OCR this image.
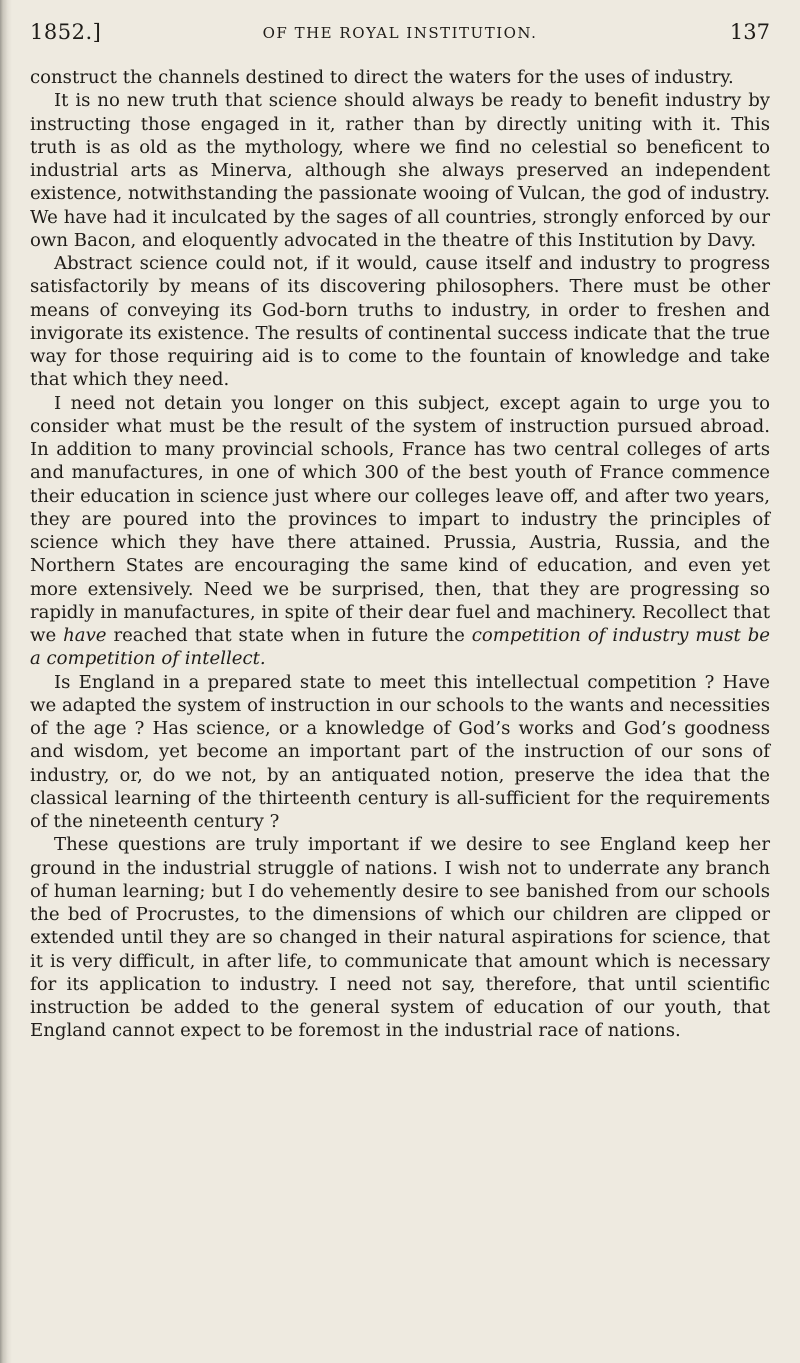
1852.]	OF THE ROYAL INSTITUTION.	137

construct the channels destined to direct the waters for the uses of industry.

It is no new truth that science should always be ready to benefit industry by instructing those engaged in it, rather than by directly uniting with it. This truth is as old as the mythology, where we find no celestial so beneficent to industrial arts as Minerva, although she always preserved an independent existence, notwithstanding the passionate wooing of Vulcan, the god of industry. We have had it inculcated by the sages of all countries, strongly enforced by our own Bacon, and eloquently advocated in the theatre of this Institution by Davy.

Abstract science could not, if it would, cause itself and industry to progress satisfactorily by means of its discovering philosophers. There must be other means of conveying its God-born truths to industry, in order to freshen and invigorate its existence. The results of continental success indicate that the true way for those requiring aid is to come to the fountain of knowledge and take that which they need.

I need not detain you longer on this subject, except again to urge you to consider what must be the result of the system of instruction pursued abroad. In addition to many provincial schools, France has two central colleges of arts and manufactures, in one of which 300 of the best youth of France commence their education in science just where our colleges leave off, and after two years, they are poured into the provinces to impart to industry the principles of science which they have there attained. Prussia, Austria, Russia, and the Northern States are encouraging the same kind of education, and even yet more extensively. Need we be surprised, then, that they are progressing so rapidly in manufactures, in spite of their dear fuel and machinery. Recollect that we have reached that state when in future the competition of industry must be a competition of intellect.

Is England in a prepared state to meet this intellectual competition ? Have we adapted the system of instruction in our schools to the wants and necessities of the age ? Has science, or a knowledge of God’s works and God’s goodness and wisdom, yet become an important part of the instruction of our sons of industry, or, do we not, by an antiquated notion, preserve the idea that the classical learning of the thirteenth century is all-sufficient for the requirements of the nineteenth century ?

These questions are truly important if we desire to see England keep her ground in the industrial struggle of nations. I wish not to underrate any branch of human learning; but I do vehemently desire to see banished from our schools the bed of Procrustes, to the dimensions of which our children are clipped or extended until they are so changed in their natural aspirations for science, that it is very difficult, in after life, to communicate that amount which is necessary for its application to industry. I need not say, therefore, that until scientific instruction be added to the general system of education of our youth, that England cannot expect to be foremost in the industrial race of nations.
